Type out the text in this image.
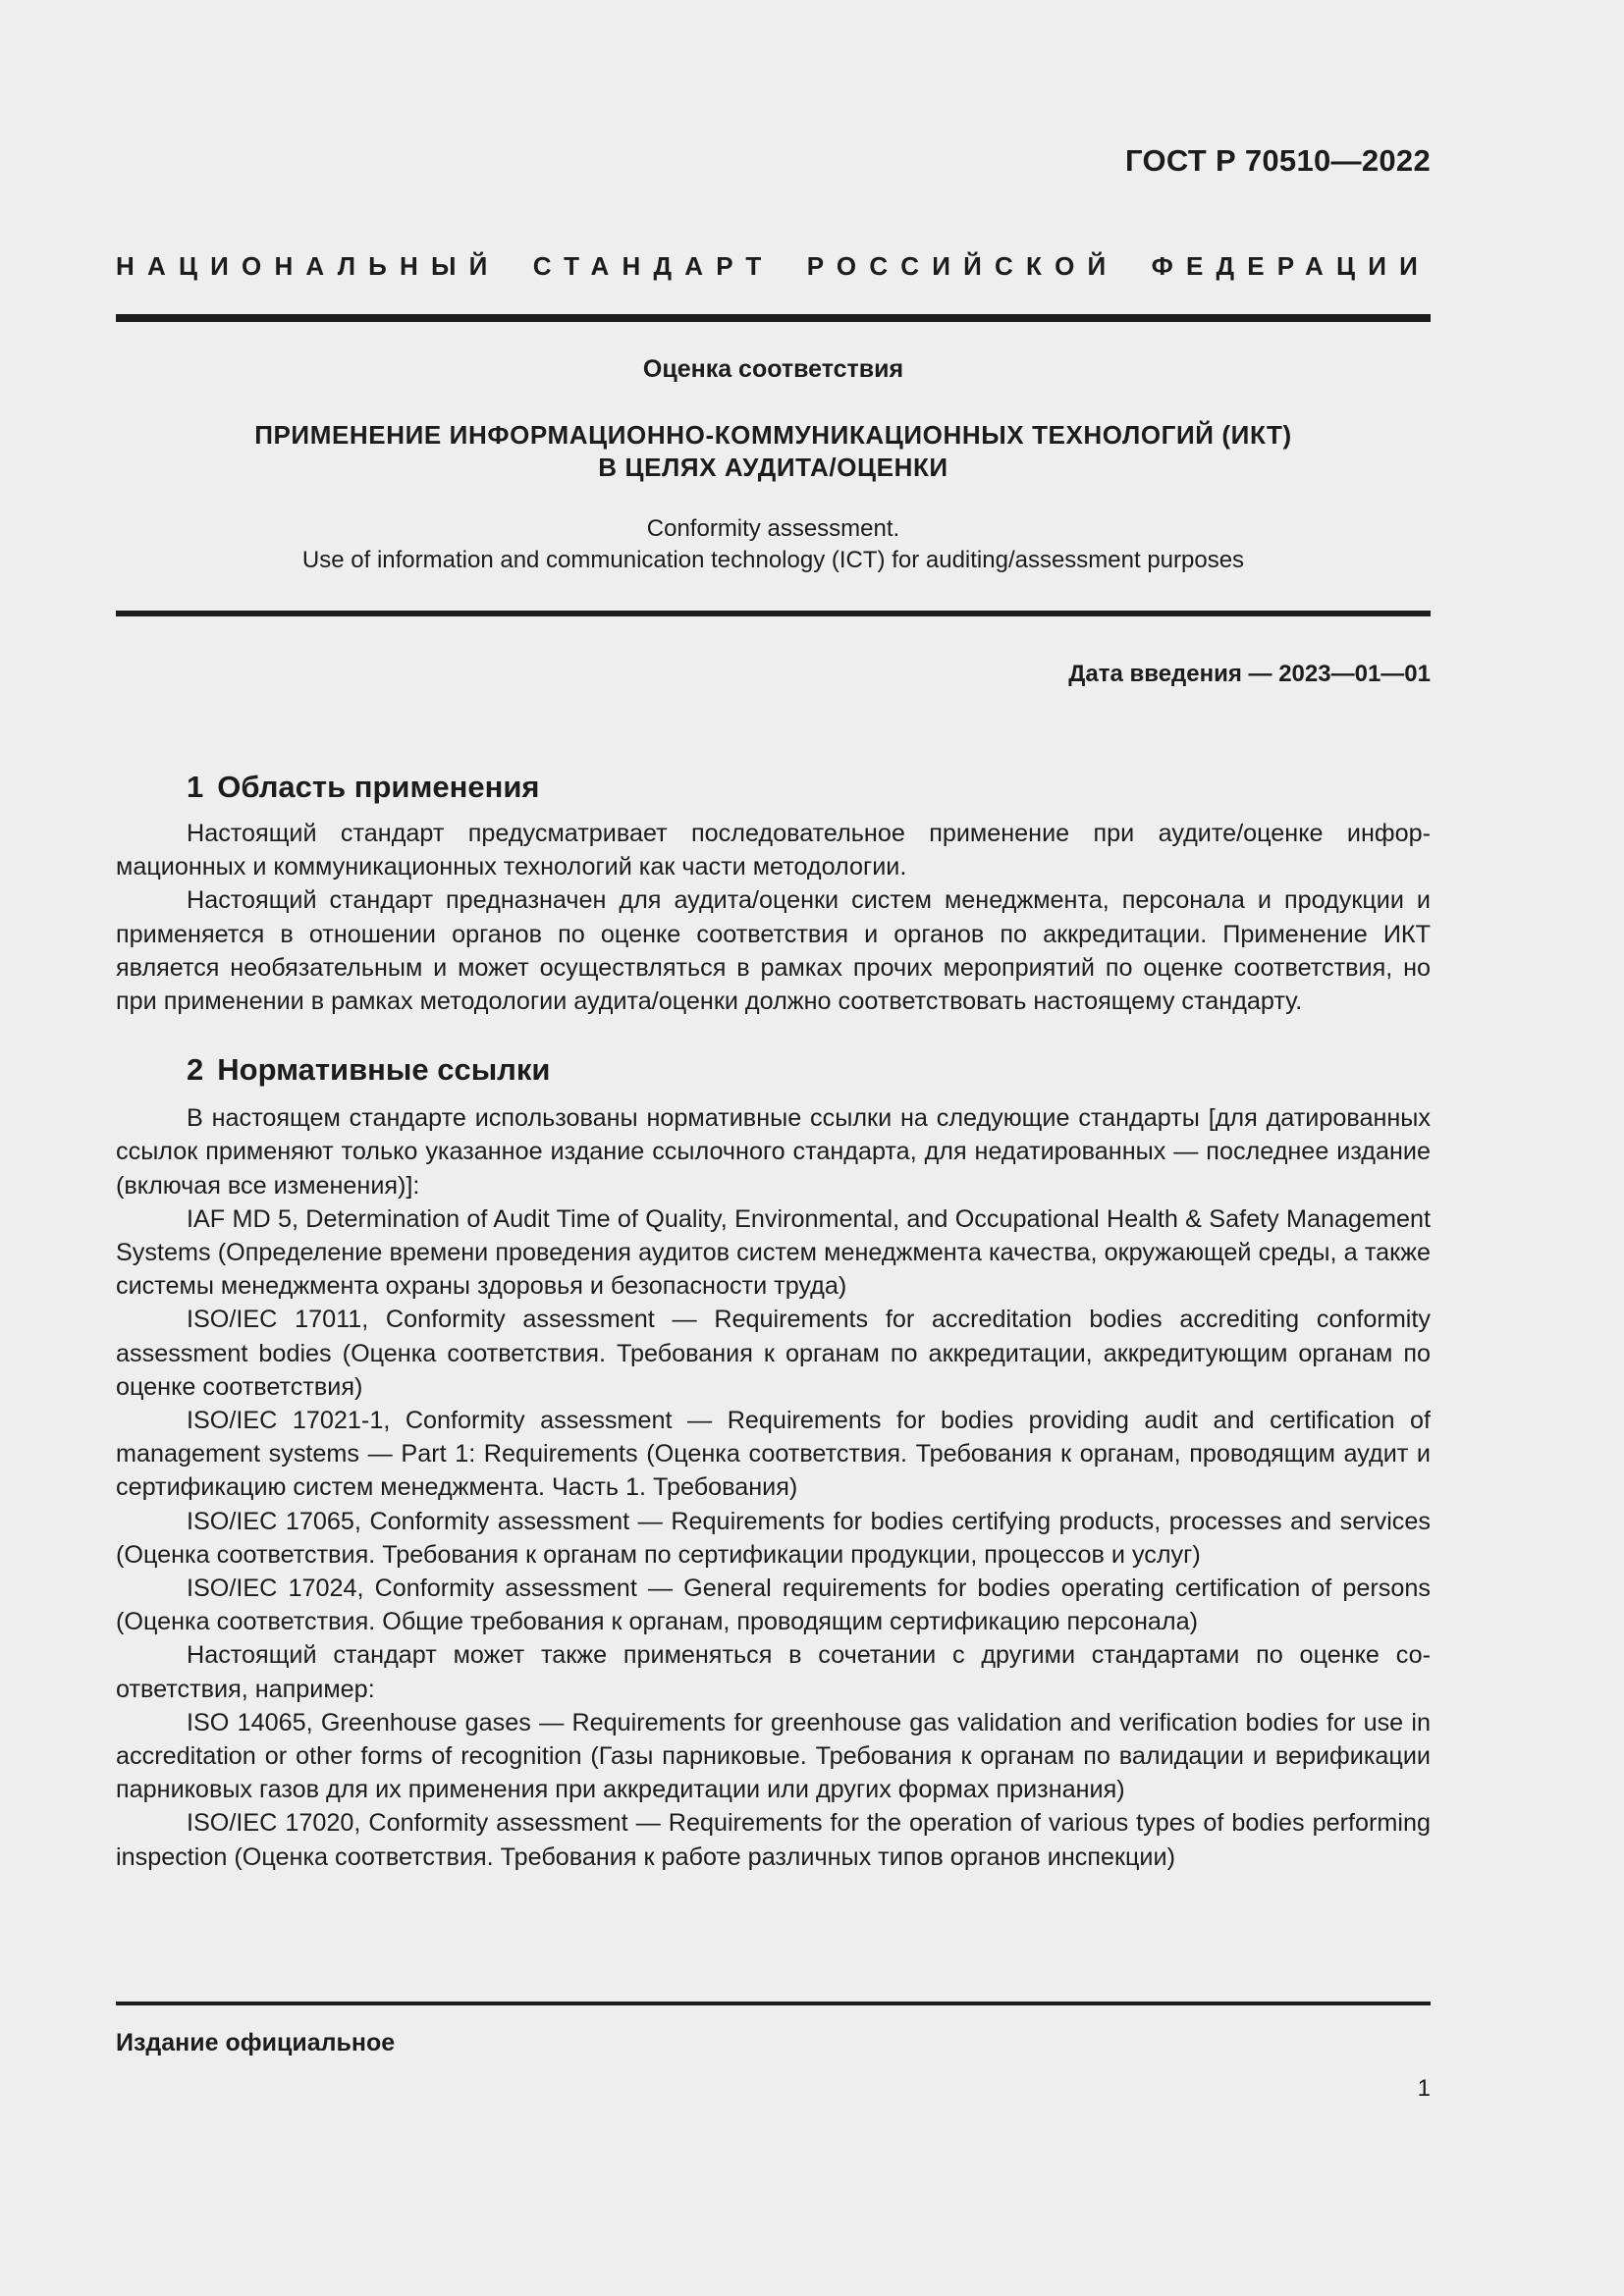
ГОСТ Р 70510—2022
НАЦИОНАЛЬНЫЙ СТАНДАРТ РОССИЙСКОЙ ФЕДЕРАЦИИ
Оценка соответствия
ПРИМЕНЕНИЕ ИНФОРМАЦИОННО-КОММУНИКАЦИОННЫХ ТЕХНОЛОГИЙ (ИКТ)
В ЦЕЛЯХ АУДИТА/ОЦЕНКИ
Conformity assessment.
Use of information and communication technology (ICT) for auditing/assessment purposes
Дата введения — 2023—01—01
1 Область применения

Настоящий стандарт предусматривает последовательное применение при аудите/оценке информационных и коммуникационных технологий как части методологии.

Настоящий стандарт предназначен для аудита/оценки систем менеджмента, персонала и продукции и применяется в отношении органов по оценке соответствия и органов по аккредитации. Применение ИКТ является необязательным и может осуществляться в рамках прочих мероприятий по оценке соответствия, но при применении в рамках методологии аудита/оценки должно соответствовать настоящему стандарту.

2 Нормативные ссылки

В настоящем стандарте использованы нормативные ссылки на следующие стандарты [для датированных ссылок применяют только указанное издание ссылочного стандарта, для недатированных — последнее издание (включая все изменения)]:

IAF MD 5, Determination of Audit Time of Quality, Environmental, and Occupational Health & Safety Management Systems (Определение времени проведения аудитов систем менеджмента качества, окружающей среды, а также системы менеджмента охраны здоровья и безопасности труда)

ISO/IEC 17011, Conformity assessment — Requirements for accreditation bodies accrediting conformity assessment bodies (Оценка соответствия. Требования к органам по аккредитации, аккредитующим органам по оценке соответствия)

ISO/IEC 17021-1, Conformity assessment — Requirements for bodies providing audit and certification of management systems — Part 1: Requirements (Оценка соответствия. Требования к органам, проводящим аудит и сертификацию систем менеджмента. Часть 1. Требования)

ISO/IEC 17065, Conformity assessment — Requirements for bodies certifying products, processes and services (Оценка соответствия. Требования к органам по сертификации продукции, процессов и услуг)

ISO/IEC 17024, Conformity assessment — General requirements for bodies operating certification of persons (Оценка соответствия. Общие требования к органам, проводящим сертификацию персонала)

Настоящий стандарт может также применяться в сочетании с другими стандартами по оценке соответствия, например:

ISO 14065, Greenhouse gases — Requirements for greenhouse gas validation and verification bodies for use in accreditation or other forms of recognition (Газы парниковые. Требования к органам по валидации и верификации парниковых газов для их применения при аккредитации или других формах признания)

ISO/IEC 17020, Conformity assessment — Requirements for the operation of various types of bodies performing inspection (Оценка соответствия. Требования к работе различных типов органов инспекции)

Издание официальное
1
